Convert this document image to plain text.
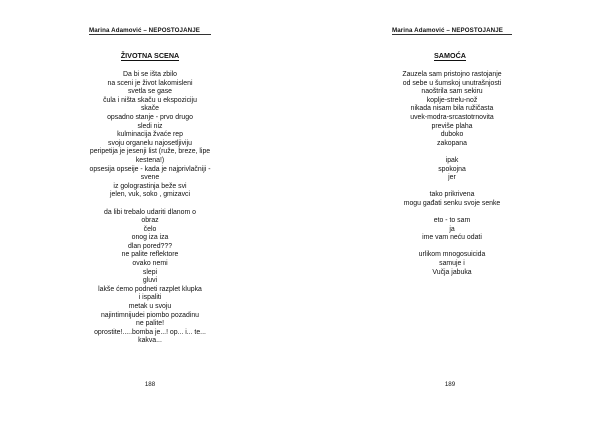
Marina Adamović – NEPOSTOJANJE
ŽIVOTNA SCENA
Da bi se išta zbilo
na sceni je život lakomisleni
svetla se gase
čula i ništa skaču u ekspoziciju
skače
opsadno stanje - prvo drugo
sledi niz
kulminacija žvaće rep
svoju organelu najosetljiviju
peripetija je jesenji list (ruže, breze, lipe
kestena!)
opsesija opseije - kada je najprivlačniji -
svene
iz golograstinja beže svi
jelen, vuk, soko , gmizavci
da libi trebalo udariti dlanom o
obraz
čelo
onog iza iza
dlan pored???
ne palite reflektore
ovako nemi
slepi
gluvi
lakše ćemo podneti razplet klupka
i ispaliti
metak u svoju
najintimnijudei piombo pozadinu
ne palite!
oprostite!.....bomba je...! op... i... te...
kakva...
188
Marina Adamović – NEPOSTOJANJE
SAMOĆA
Zauzela sam pristojno rastojanje
od sebe u šumskoj unutrašnjosti
naoštrila sam sekiru
koplje-strelu-nož
nikada nisam bila ružičasta
uvek-modra-srcastotrnovita
previše plaha
duboko
zakopana
ipak
spokojna
jer
tako prikrivena
mogu gađati senku svoje senke
eto - to sam
ja
ime vam neću odati
urlikom mnogosuicida
samuje i
Vučja jabuka
189
